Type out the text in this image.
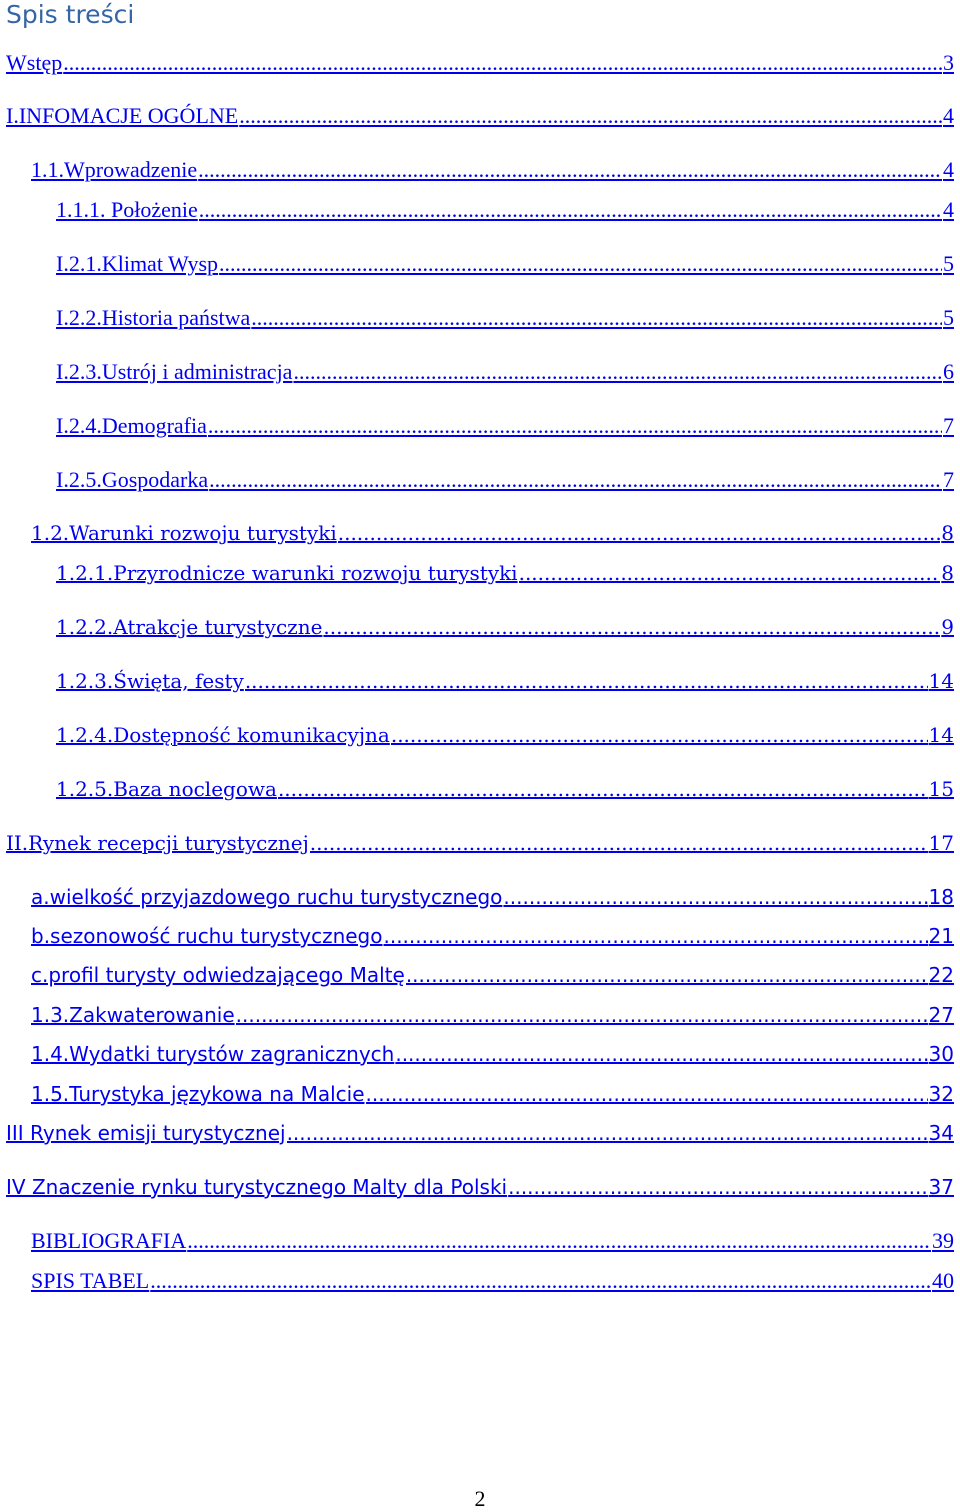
Spis treści
Wstęp .....	3
I.INFOMACJE OGÓLNE .....	4
1.1.Wprowadzenie .....	4
1.1.1. Położenie .....	4
I.2.1.Klimat Wysp .....	5
I.2.2.Historia państwa .....	5
I.2.3.Ustrój i administracja .....	6
I.2.4.Demografia .....	7
I.2.5.Gospodarka .....	7
1.2.Warunki rozwoju turystyki .....	8
1.2.1.Przyrodnicze warunki rozwoju turystyki .....	8
1.2.2.Atrakcje turystyczne .....	9
1.2.3.Święta, festy .....	14
1.2.4.Dostępność komunikacyjna .....	14
1.2.5.Baza noclegowa .....	15
II.Rynek recepcji turystycznej .....	17
a.wielkość przyjazdowego ruchu turystycznego .....	18
b.sezonowość ruchu turystycznego .....	21
c.profil turysty odwiedzającego Maltę .....	22
1.3.Zakwaterowanie .....	27
1.4.Wydatki turystów zagranicznych .....	30
1.5.Turystyka językowa na Malcie .....	32
III Rynek emisji turystycznej .....	34
IV Znaczenie rynku turystycznego Malty dla Polski .....	37
BIBLIOGRAFIA .....	39
SPIS TABEL .....	40
2
